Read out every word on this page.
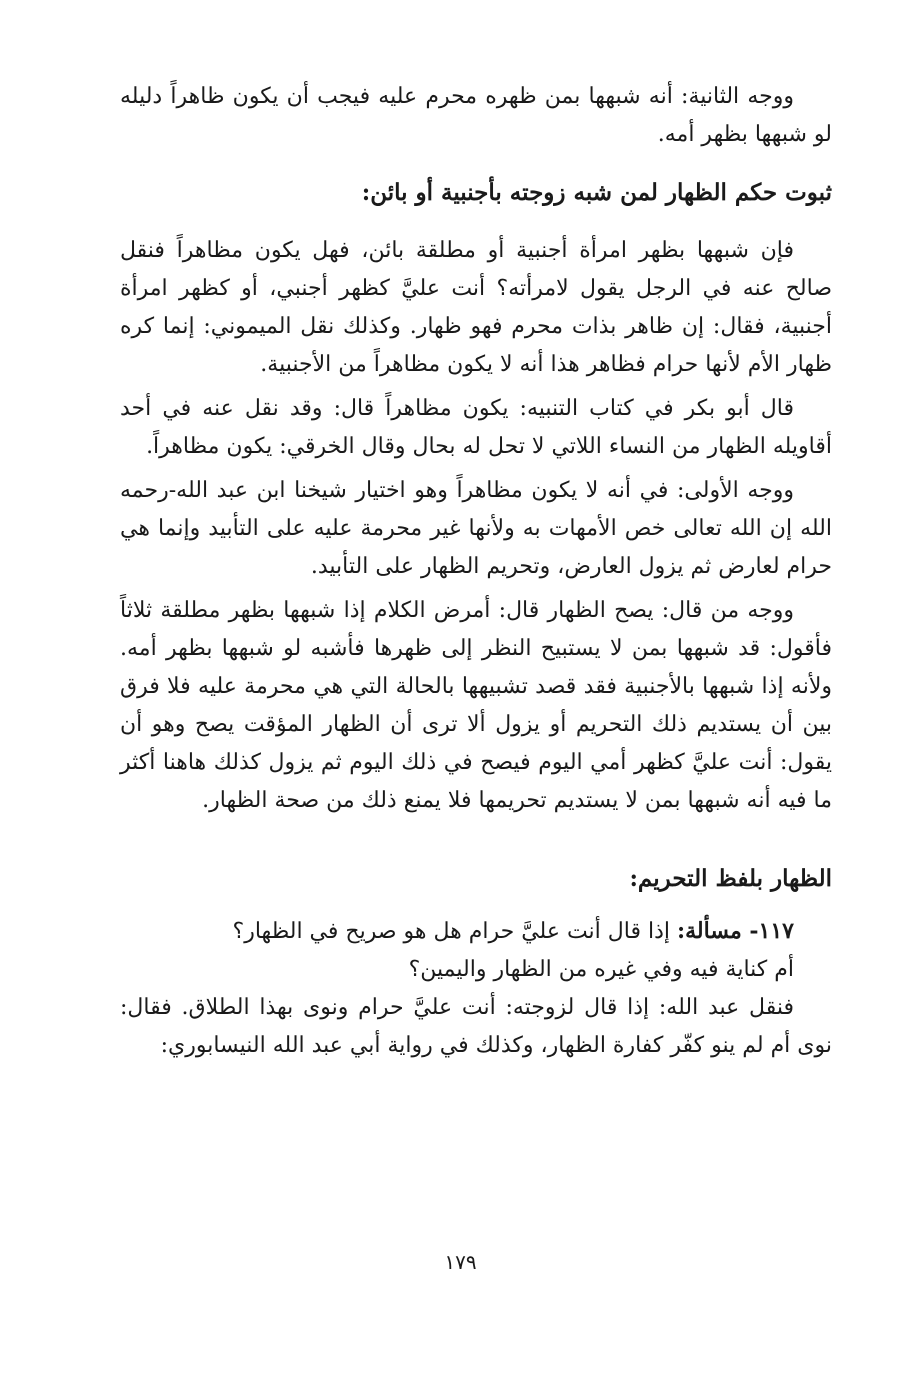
ووجه الثانية: أنه شبهها بمن ظهره محرم عليه فيجب أن يكون ظاهراً دليله لو شبهها بظهر أمه.

ثبوت حكم الظهار لمن شبه زوجته بأجنبية أو بائن:

فإن شبهها بظهر امرأة أجنبية أو مطلقة بائن، فهل يكون مظاهراً فنقل صالح عنه في الرجل يقول لامرأته؟ أنت عليَّ كظهر أجنبي، أو كظهر امرأة أجنبية، فقال: إن ظاهر بذات محرم فهو ظهار. وكذلك نقل الميموني: إنما كره ظهار الأم لأنها حرام فظاهر هذا أنه لا يكون مظاهراً من الأجنبية.

قال أبو بكر في كتاب التنبيه: يكون مظاهراً قال: وقد نقل عنه في أحد أقاويله الظهار من النساء اللاتي لا تحل له بحال وقال الخرقي: يكون مظاهراً.

ووجه الأولى: في أنه لا يكون مظاهراً وهو اختيار شيخنا ابن عبد الله-رحمه الله إن الله تعالى خص الأمهات به ولأنها غير محرمة عليه على التأبيد وإنما هي حرام لعارض ثم يزول العارض، وتحريم الظهار على التأبيد.

ووجه من قال: يصح الظهار قال: أمرض الكلام إذا شبهها بظهر مطلقة ثلاثاً فأقول: قد شبهها بمن لا يستبيح النظر إلى ظهرها فأشبه لو شبهها بظهر أمه. ولأنه إذا شبهها بالأجنبية فقد قصد تشبيهها بالحالة التي هي محرمة عليه فلا فرق بين أن يستديم ذلك التحريم أو يزول ألا ترى أن الظهار المؤقت يصح وهو أن يقول: أنت عليَّ كظهر أمي اليوم فيصح في ذلك اليوم ثم يزول كذلك هاهنا أكثر ما فيه أنه شبهها بمن لا يستديم تحريمها فلا يمنع ذلك من صحة الظهار.

الظهار بلفظ التحريم:

١١٧- مسألة: إذا قال أنت عليَّ حرام هل هو صريح في الظهار؟

أم كناية فيه وفي غيره من الظهار واليمين؟

فنقل عبد الله: إذا قال لزوجته: أنت عليَّ حرام ونوى بهذا الطلاق. فقال: نوى أم لم ينو كفّر كفارة الظهار، وكذلك في رواية أبي عبد الله النيسابوري:

١٧٩
